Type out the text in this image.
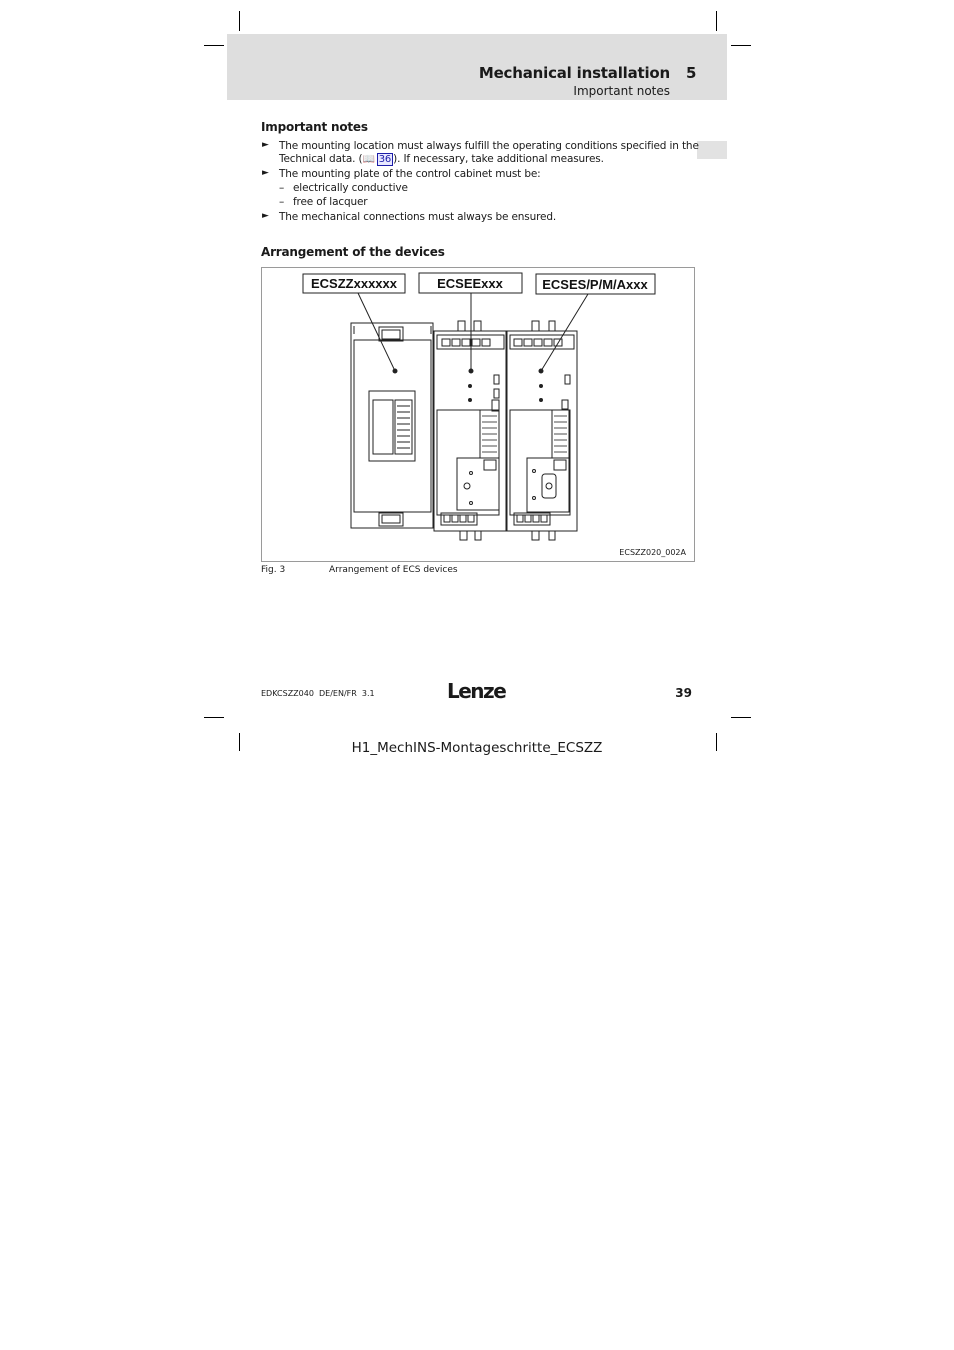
Mechanical installation 5
Important notes
Important notes
► The mounting location must always fulfill the operating conditions specified in the
Technical data. (📖  36 ). If necessary, take additional measures.
► The mounting plate of the control cabinet must be:
– electrically conductive
– free of lacquer
► The mechanical connections must always be ensured.
Arrangement of the devices
ECSZZxxxxxx	ECSEExxx	ECSES/P/M/Axxx
ECSZZ020_002A
Fig. 3	Arrangement of ECS devices
EDKCSZZ040  DE/EN/FR  3.1	Lenze	39
H1_MechINS-Montageschritte_ECSZZ
